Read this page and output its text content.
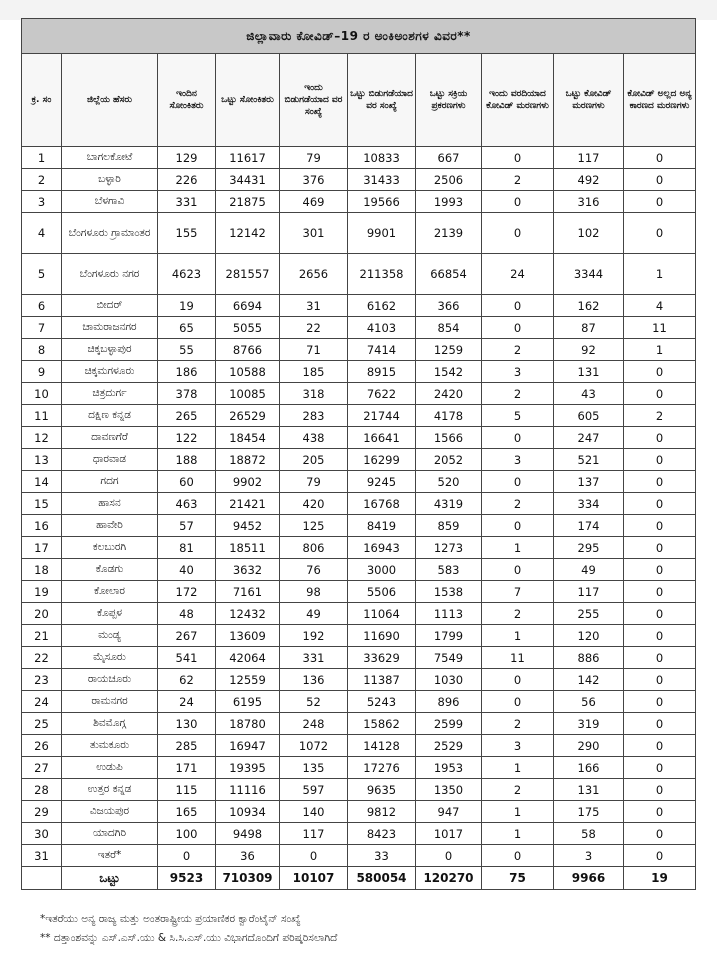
ಜಿಲ್ಲಾವಾರು ಕೋವಿಡ್–19 ರ ಅಂಕಿಅಂಶಗಳ ವಿವರ**									
ಕ್ರ. ಸಂ	ಜಿಲ್ಲೆಯ ಹೆಸರು	ಇಂದಿನ ಸೋಂಕಿತರು	ಒಟ್ಟು ಸೋಂಕಿತರು	ಇಂದು ಬಿಡುಗಡೆಯಾದ ವರ ಸಂಖ್ಯೆ	ಒಟ್ಟು ಬಿಡುಗಡೆಯಾದ ವರ ಸಂಖ್ಯೆ	ಒಟ್ಟು ಸಕ್ರಿಯ ಪ್ರಕರಣಗಳು	ಇಂದು ವರದಿಯಾದ ಕೋವಿಡ್ ಮರಣಗಳು	ಒಟ್ಟು ಕೋವಿಡ್ ಮರಣಗಳು	ಕೋವಿಡ್ ಅಲ್ಲದ ಅನ್ಯ ಕಾರಣದ ಮರಣಗಳು
1	ಬಾಗಲಕೋಟೆ	129	11617	79	10833	667	0	117	0
2	ಬಳ್ಳಾರಿ	226	34431	376	31433	2506	2	492	0
3	ಬೆಳಗಾವಿ	331	21875	469	19566	1993	0	316	0
4	ಬೆಂಗಳೂರು ಗ್ರಾಮಾಂತರ	155	12142	301	9901	2139	0	102	0
5	ಬೆಂಗಳೂರು ನಗರ	4623	281557	2656	211358	66854	24	3344	1
6	ಬೀದರ್	19	6694	31	6162	366	0	162	4
7	ಚಾಮರಾಜನಗರ	65	5055	22	4103	854	0	87	11
8	ಚಿಕ್ಕಬಳ್ಳಾಪುರ	55	8766	71	7414	1259	2	92	1
9	ಚಿಕ್ಕಮಗಳೂರು	186	10588	185	8915	1542	3	131	0
10	ಚಿತ್ರದುರ್ಗ	378	10085	318	7622	2420	2	43	0
11	ದಕ್ಷಿಣ ಕನ್ನಡ	265	26529	283	21744	4178	5	605	2
12	ದಾವಣಗೆರೆ	122	18454	438	16641	1566	0	247	0
13	ಧಾರವಾಡ	188	18872	205	16299	2052	3	521	0
14	ಗದಗ	60	9902	79	9245	520	0	137	0
15	ಹಾಸನ	463	21421	420	16768	4319	2	334	0
16	ಹಾವೇರಿ	57	9452	125	8419	859	0	174	0
17	ಕಲಬುರಗಿ	81	18511	806	16943	1273	1	295	0
18	ಕೊಡಗು	40	3632	76	3000	583	0	49	0
19	ಕೋಲಾರ	172	7161	98	5506	1538	7	117	0
20	ಕೊಪ್ಪಳ	48	12432	49	11064	1113	2	255	0
21	ಮಂಡ್ಯ	267	13609	192	11690	1799	1	120	0
22	ಮೈಸೂರು	541	42064	331	33629	7549	11	886	0
23	ರಾಯಚೂರು	62	12559	136	11387	1030	0	142	0
24	ರಾಮನಗರ	24	6195	52	5243	896	0	56	0
25	ಶಿವಮೊಗ್ಗ	130	18780	248	15862	2599	2	319	0
26	ತುಮಕೂರು	285	16947	1072	14128	2529	3	290	0
27	ಉಡುಪಿ	171	19395	135	17276	1953	1	166	0
28	ಉತ್ತರ ಕನ್ನಡ	115	11116	597	9635	1350	2	131	0
29	ವಿಜಯಪುರ	165	10934	140	9812	947	1	175	0
30	ಯಾದಗಿರಿ	100	9498	117	8423	1017	1	58	0
31	ಇತರೆ*	0	36	0	33	0	0	3	0
	ಒಟ್ಟು	9523	710309	10107	580054	120270	75	9966	19
*ಇತರೆಯು ಅನ್ಯ ರಾಜ್ಯ ಮತ್ತು ಅಂತರಾಷ್ಟ್ರೀಯ ಪ್ರಯಾಣಿಕರ ಕ್ವಾರೆಂಟೈನ್ ಸಂಖ್ಯೆ
** ದತ್ತಾಂಶವನ್ನು ಎಸ್.ಎಸ್.ಯು & ಸಿ.ಸಿ.ಎಸ್.ಯು ವಿಭಾಗದೊಂದಿಗೆ ಪರಿಷ್ಕರಿಸಲಾಗಿದೆ
